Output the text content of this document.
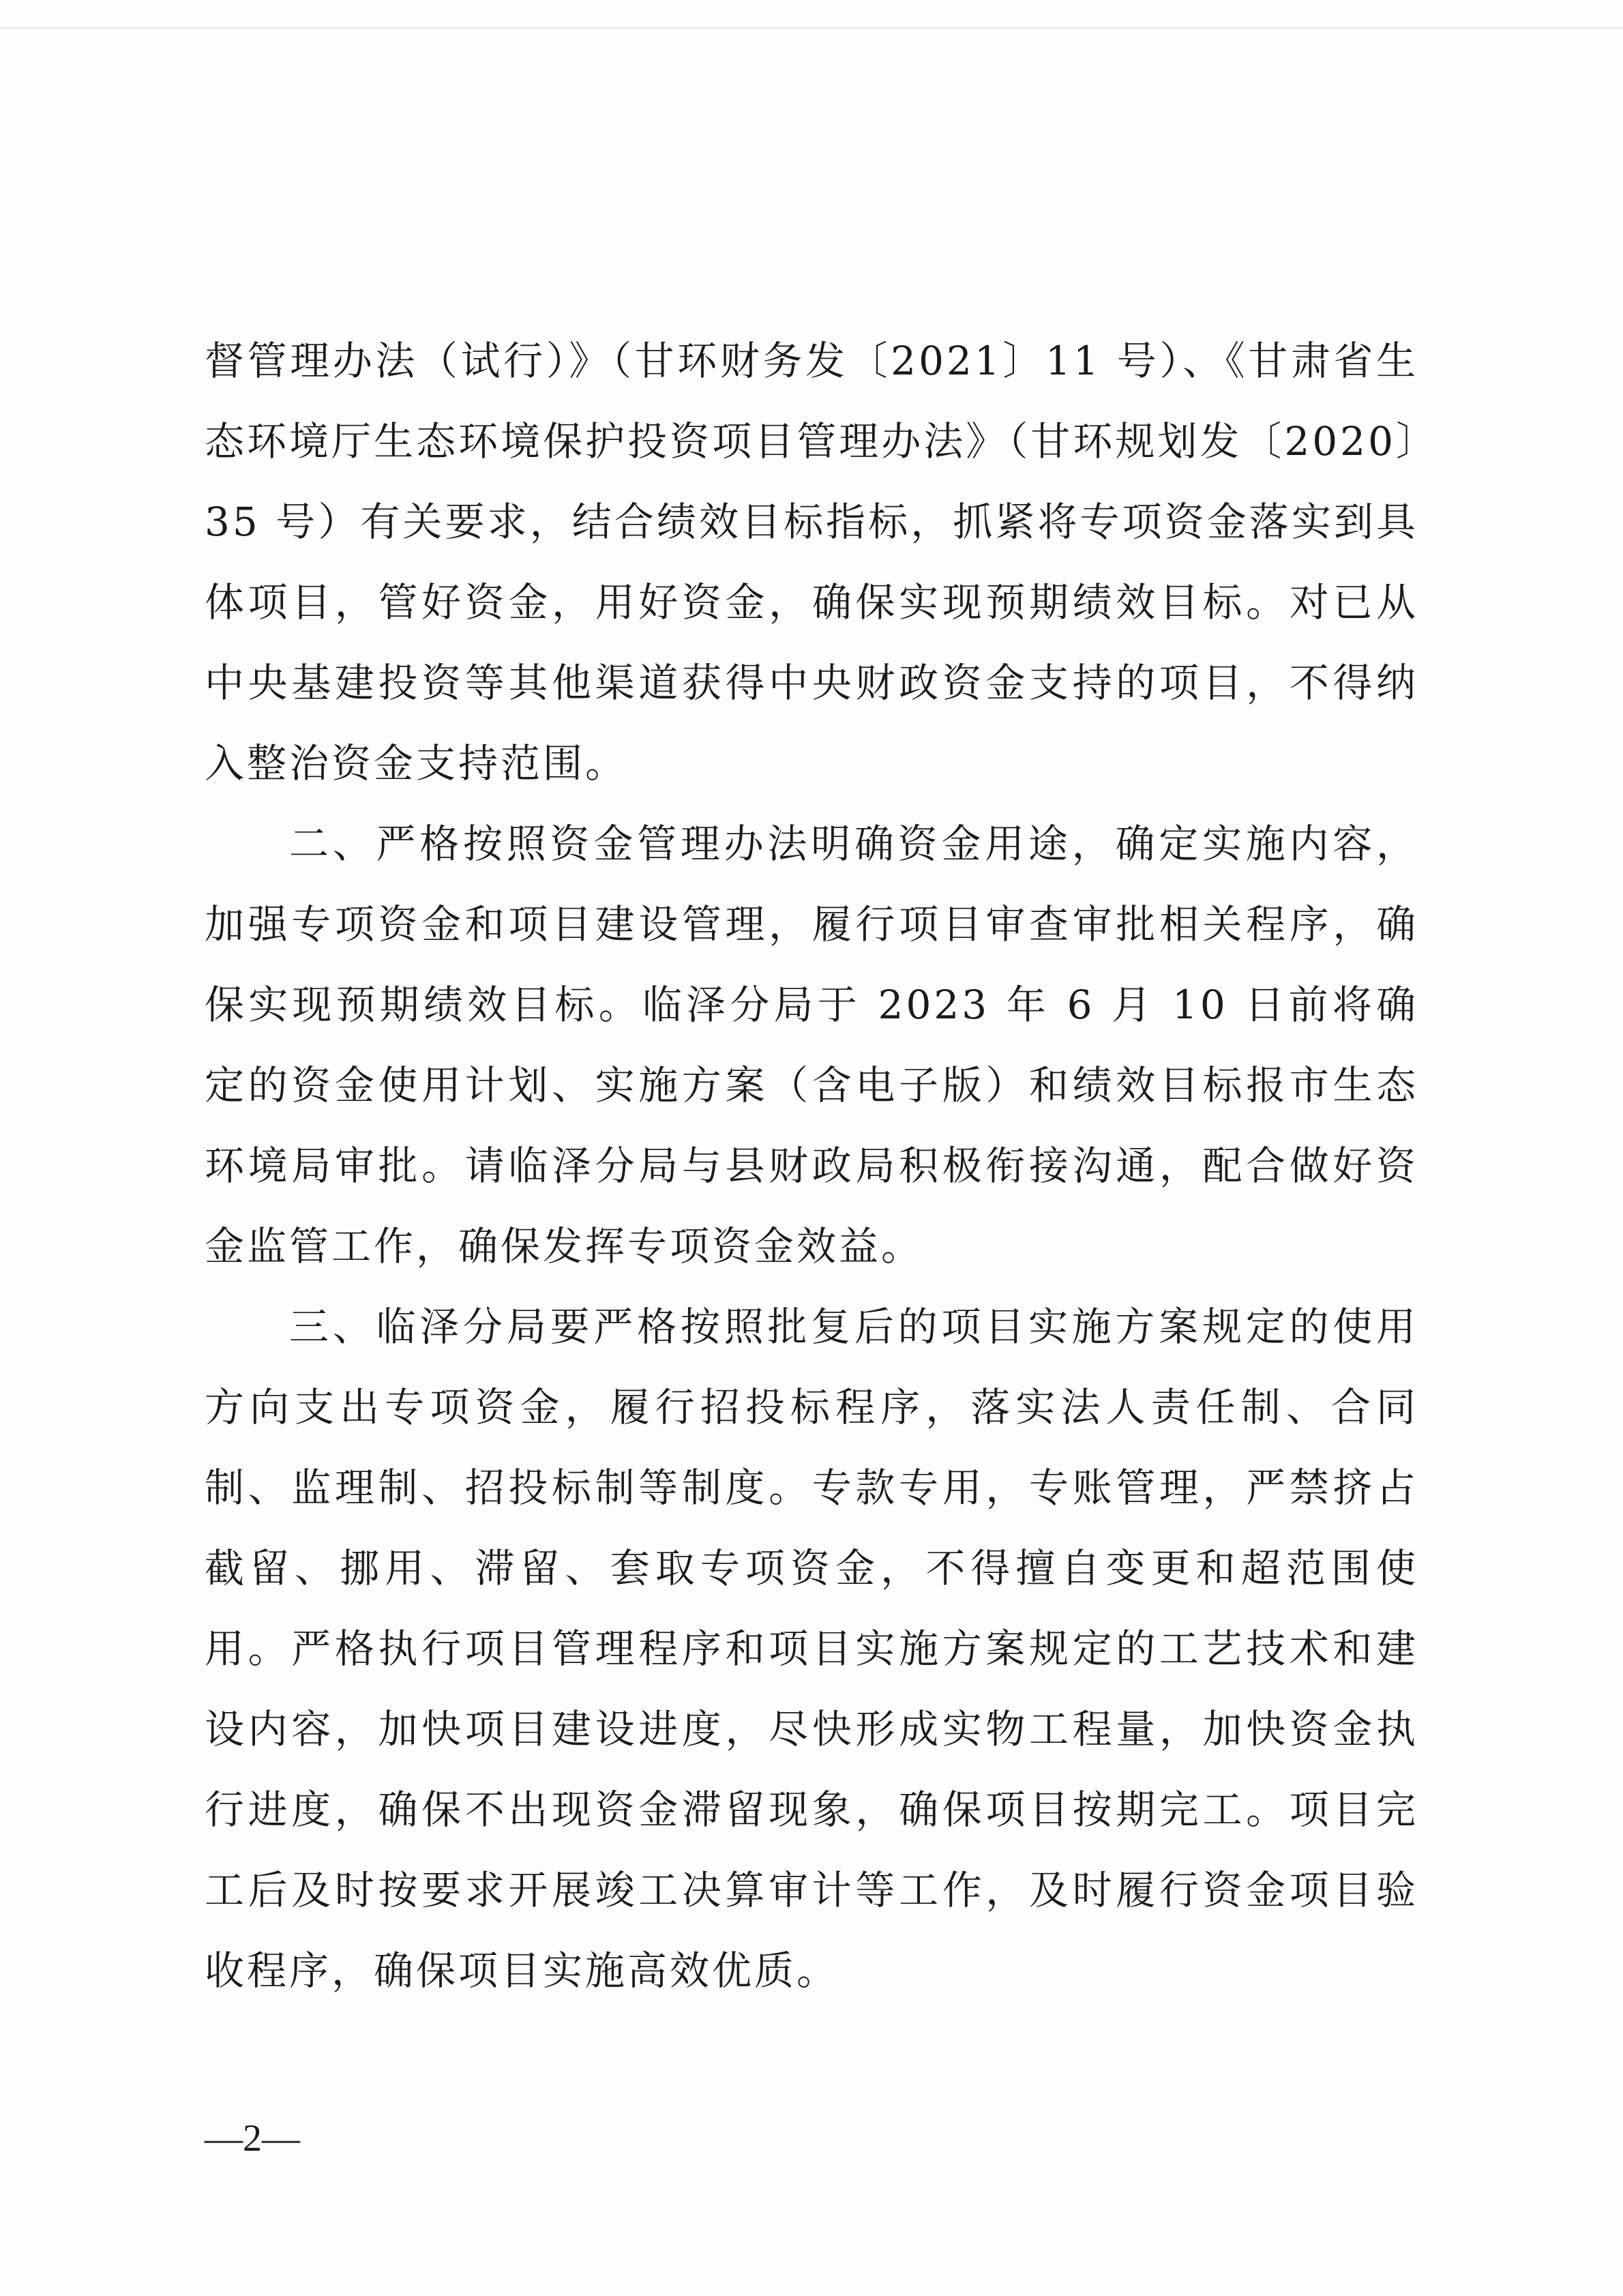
督管理办法（试行）》（甘环财务发〔2021〕11 号）、《甘肃省生态环境厅生态环境保护投资项目管理办法》（甘环规划发〔2020〕35 号）有关要求，结合绩效目标指标，抓紧将专项资金落实到具体项目，管好资金，用好资金，确保实现预期绩效目标。对已从中央基建投资等其他渠道获得中央财政资金支持的项目，不得纳入整治资金支持范围。

二、严格按照资金管理办法明确资金用途，确定实施内容，加强专项资金和项目建设管理，履行项目审查审批相关程序，确保实现预期绩效目标。临泽分局于 2023 年 6 月 10 日前将确定的资金使用计划、实施方案（含电子版）和绩效目标报市生态环境局审批。请临泽分局与县财政局积极衔接沟通，配合做好资金监管工作，确保发挥专项资金效益。

三、临泽分局要严格按照批复后的项目实施方案规定的使用方向支出专项资金，履行招投标程序，落实法人责任制、合同制、监理制、招投标制等制度。专款专用，专账管理，严禁挤占截留、挪用、滞留、套取专项资金，不得擅自变更和超范围使用。严格执行项目管理程序和项目实施方案规定的工艺技术和建设内容，加快项目建设进度，尽快形成实物工程量，加快资金执行进度，确保不出现资金滞留现象，确保项目按期完工。项目完工后及时按要求开展竣工决算审计等工作，及时履行资金项目验收程序，确保项目实施高效优质。

—2—
